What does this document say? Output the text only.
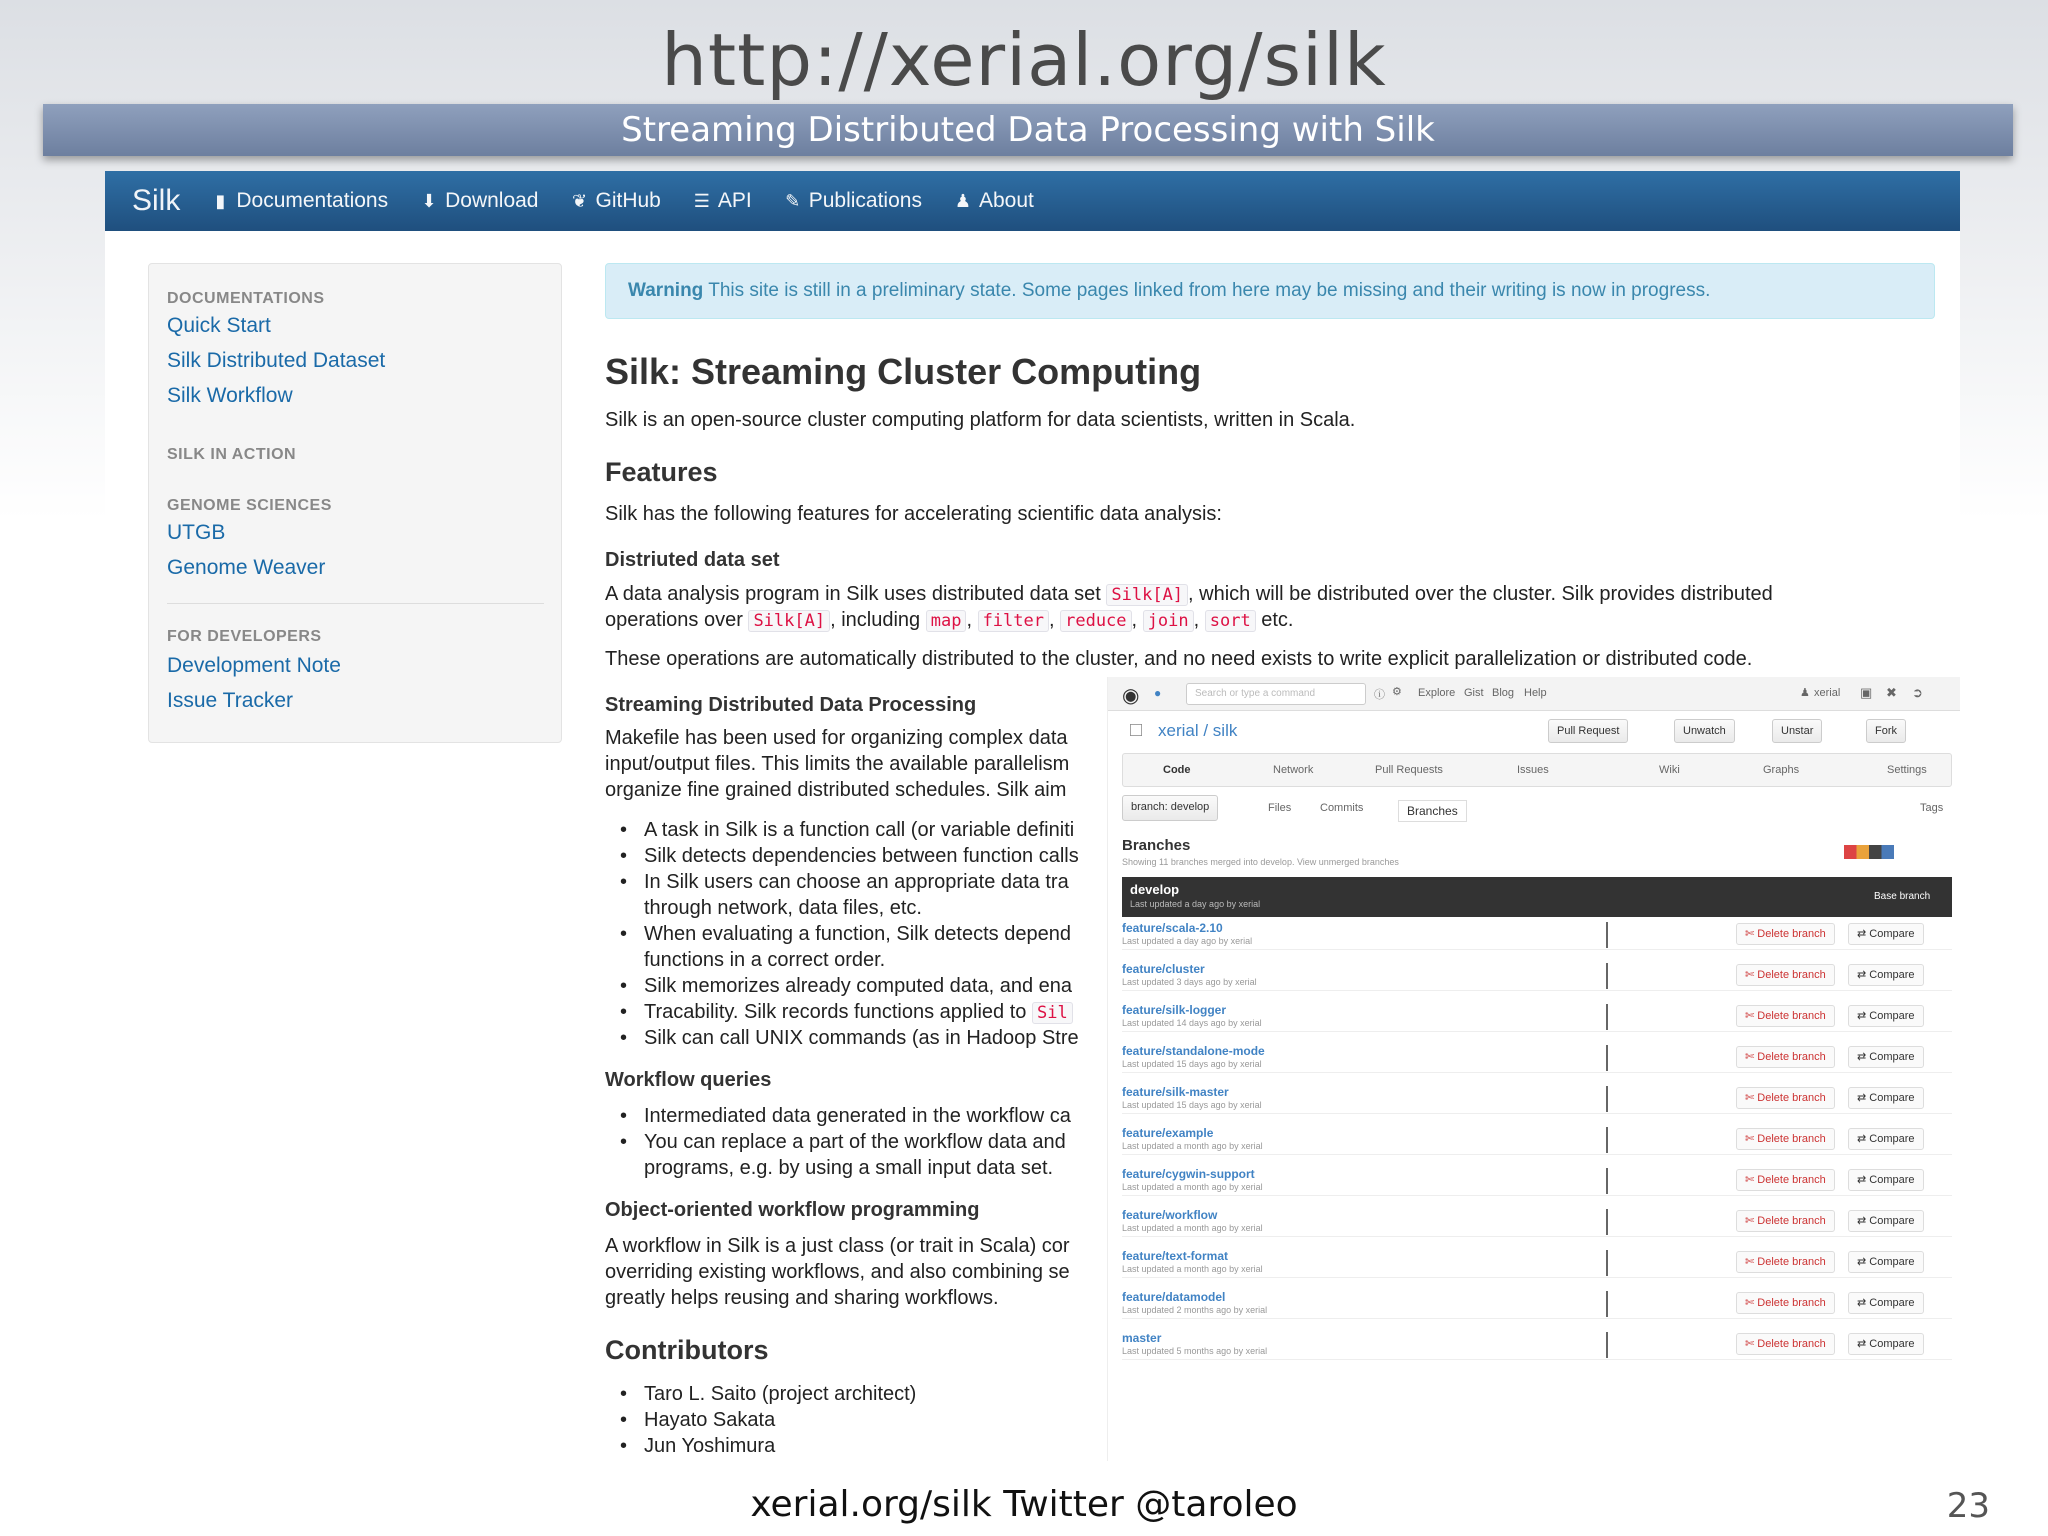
http://xerial.org/silk
Streaming Distributed Data Processing with Silk
Silk	▮ Documentations ⬇ Download ❦ GitHub ☰ API ✎ Publications ♟ About
DOCUMENTATIONS
Quick Start
Silk Distributed Dataset
Silk Workflow
SILK IN ACTION
GENOME SCIENCES
UTGB
Genome Weaver
FOR DEVELOPERS
Development Note
Issue Tracker
Warning This site is still in a preliminary state. Some pages linked from here may be missing and their writing is now in progress.
Silk: Streaming Cluster Computing
Silk is an open-source cluster computing platform for data scientists, written in Scala.
Features
Silk has the following features for accelerating scientific data analysis:
Distriuted data set
A data analysis program in Silk uses distributed data set Silk[A] , which will be distributed over the cluster. Silk provides distributed
operations over Silk[A] , including map , filter , reduce , join , sort etc.
These operations are automatically distributed to the cluster, and no need exists to write explicit parallelization or distributed code.
Streaming Distributed Data Processing
Makefile has been used for organizing complex data
input/output files. This limits the available parallelism
organize fine grained distributed schedules. Silk aim
• A task in Silk is a function call (or variable definiti
• Silk detects dependencies between function calls
• In Silk users can choose an appropriate data tra
through network, data files, etc.
• When evaluating a function, Silk detects depend
functions in a correct order.
• Silk memorizes already computed data, and ena
• Tracability. Silk records functions applied to Sil
• Silk can call UNIX commands (as in Hadoop Stre
Workflow queries
• Intermediated data generated in the workflow ca
• You can replace a part of the workflow data and
programs, e.g. by using a small input data set.
Object-oriented workflow programming
A workflow in Silk is a just class (or trait in Scala) cor
overriding existing workflows, and also combining se
greatly helps reusing and sharing workflows.
Contributors
• Taro L. Saito (project architect)
• Hayato Sakata
• Jun Yoshimura
◉ ●	Search or type a command	ⓘ ⚙ Explore Gist Blog Help	♟ xerial ▣ ✖ ➲
□ xerial / silk	Pull Request	Unwatch	Unstar	Fork
Code	Network	Pull Requests	Issues	Wiki	Graphs	Settings
branch: develop	Files	Commits	Branches	Tags
Branches
Showing 11 branches merged into develop. View unmerged branches
develop
Last updated a day ago by xerial
Base branch
feature/scala-2.10
Last updated a day ago by xerial
✄ Delete branch	⇄ Compare
feature/cluster
Last updated 3 days ago by xerial
✄ Delete branch	⇄ Compare
feature/silk-logger
Last updated 14 days ago by xerial
✄ Delete branch	⇄ Compare
feature/standalone-mode
Last updated 15 days ago by xerial
✄ Delete branch	⇄ Compare
feature/silk-master
Last updated 15 days ago by xerial
✄ Delete branch	⇄ Compare
feature/example
Last updated a month ago by xerial
✄ Delete branch	⇄ Compare
feature/cygwin-support
Last updated a month ago by xerial
✄ Delete branch	⇄ Compare
feature/workflow
Last updated a month ago by xerial
✄ Delete branch	⇄ Compare
feature/text-format
Last updated a month ago by xerial
✄ Delete branch	⇄ Compare
feature/datamodel
Last updated 2 months ago by xerial
✄ Delete branch	⇄ Compare
master
Last updated 5 months ago by xerial
✄ Delete branch	⇄ Compare
xerial.org/silk Twitter @taroleo	23
